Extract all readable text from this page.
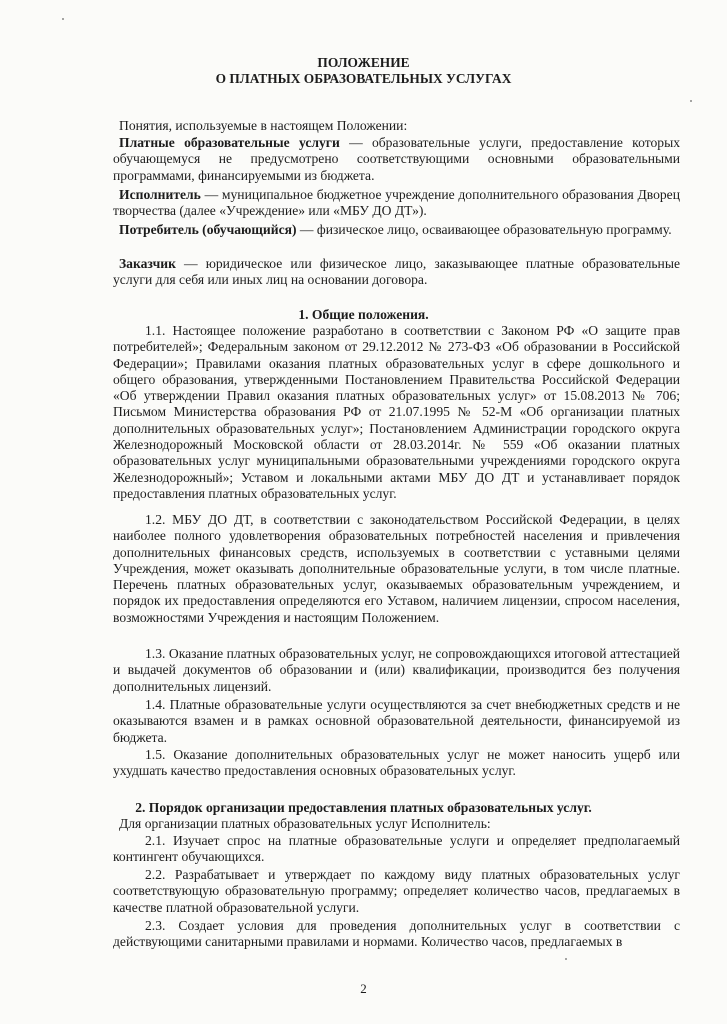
ПОЛОЖЕНИЕ
О ПЛАТНЫХ ОБРАЗОВАТЕЛЬНЫХ УСЛУГАХ

Понятия, используемые в настоящем Положении:

Платные образовательные услуги — образовательные услуги, предоставление которых обучающемуся не предусмотрено соответствующими основными образовательными программами, финансируемыми из бюджета.

Исполнитель — муниципальное бюджетное учреждение дополнительного образования Дворец творчества (далее «Учреждение» или «МБУ ДО ДТ»).

Потребитель (обучающийся) — физическое лицо, осваивающее образовательную программу.

Заказчик — юридическое или физическое лицо, заказывающее платные образовательные услуги для себя или иных лиц на основании договора.

1. Общие положения.

1.1. Настоящее положение разработано в соответствии с Законом РФ «О защите прав потребителей»; Федеральным законом от 29.12.2012 № 273-ФЗ «Об образовании в Российской Федерации»; Правилами оказания платных образовательных услуг в сфере дошкольного и общего образования, утвержденными Постановлением Правительства Российской Федерации «Об утверждении Правил оказания платных образовательных услуг» от 15.08.2013 № 706; Письмом Министерства образования РФ от 21.07.1995 № 52-М «Об организации платных дополнительных образовательных услуг»; Постановлением Администрации городского округа Железнодорожный Московской области от 28.03.2014г. № 559 «Об оказании платных образовательных услуг муниципальными образовательными учреждениями городского округа Железнодорожный»; Уставом и локальными актами МБУ ДО ДТ и устанавливает порядок предоставления платных образовательных услуг.

1.2. МБУ ДО ДТ, в соответствии с законодательством Российской Федерации, в целях наиболее полного удовлетворения образовательных потребностей населения и привлечения дополнительных финансовых средств, используемых в соответствии с уставными целями Учреждения, может оказывать дополнительные образовательные услуги, в том числе платные. Перечень платных образовательных услуг, оказываемых образовательным учреждением, и порядок их предоставления определяются его Уставом, наличием лицензии, спросом населения, возможностями Учреждения и настоящим Положением.

1.3. Оказание платных образовательных услуг, не сопровождающихся итоговой аттестацией и выдачей документов об образовании и (или) квалификации, производится без получения дополнительных лицензий.

1.4. Платные образовательные услуги осуществляются за счет внебюджетных средств и не оказываются взамен и в рамках основной образовательной деятельности, финансируемой из бюджета.

1.5. Оказание дополнительных образовательных услуг не может наносить ущерб или ухудшать качество предоставления основных образовательных услуг.

2. Порядок организации предоставления платных образовательных услуг.

Для организации платных образовательных услуг Исполнитель:

2.1. Изучает спрос на платные образовательные услуги и определяет предполагаемый контингент обучающихся.

2.2. Разрабатывает и утверждает по каждому виду платных образовательных услуг соответствующую образовательную программу; определяет количество часов, предлагаемых в качестве платной образовательной услуги.

2.3. Создает условия для проведения дополнительных услуг в соответствии с действующими санитарными правилами и нормами. Количество часов, предлагаемых в

2
